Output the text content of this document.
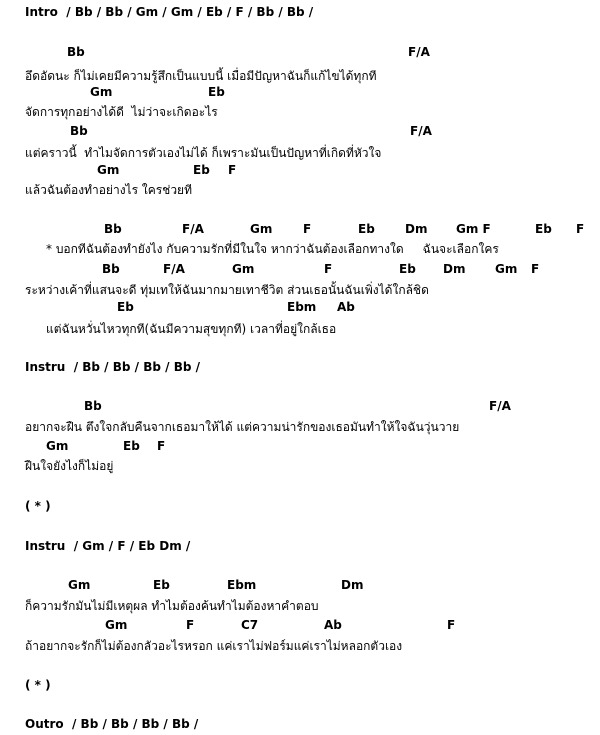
Intro  / Bb / Bb / Gm / Gm / Eb / F / Bb / Bb /
Bb	F/A
อึดอัดนะ ก็ไม่เคยมีความรู้สึกเป็นแบบนี้ เมื่อมีปัญหาฉันก็แก้ไขได้ทุกที
Gm	Eb
จัดการทุกอย่างได้ดี  ไม่ว่าจะเกิดอะไร
Bb	F/A
แต่คราวนี้  ทำไมจัดการตัวเองไม่ได้ ก็เพราะมันเป็นปัญหาที่เกิดที่หัวใจ
Gm	Eb F
แล้วฉันต้องทำอย่างไร ใครช่วยที
Bb	F/A	Gm	F	Eb	Dm Gm F	Eb F
* บอกทีฉันต้องทำยังไง กับความรักที่มีในใจ หากว่าฉันต้องเลือกทางใด     ฉันจะเลือกใคร
Bb	F/A	Gm	F	Eb Dm Gm F
ระหว่างเค้าที่แสนจะดี ทุ่มเทให้ฉันมากมายเทาชีวิต ส่วนเธอนั้นฉันเพิ่งได้ใกล้ชิด
Eb	Ebm Ab
แต่ฉันหวั่นไหวทุกที(ฉันมีความสุขทุกที) เวลาที่อยู่ใกล้เธอ
Instru  / Bb / Bb / Bb / Bb /
Bb	F/A
อยากจะฝืน ตึงใจกลับคืนจากเธอมาให้ได้ แต่ความน่ารักของเธอมันทำให้ใจฉันวุ่นวาย
Gm	Eb F
ฝืนใจยังไงก็ไม่อยู่
( * )
Instru  / Gm / F / Eb Dm /
Gm	Eb	Ebm	Dm
ก็ความรักมันไม่มีเหตุผล ทำไมต้องค้นทำไมต้องหาคำตอบ
Gm	F	C7	Ab	F
ถ้าอยากจะรักก็ไม่ต้องกลัวอะไรหรอก แค่เราไม่ฟอร์มแค่เราไม่หลอกตัวเอง
( * )
Outro  / Bb / Bb / Bb / Bb /
